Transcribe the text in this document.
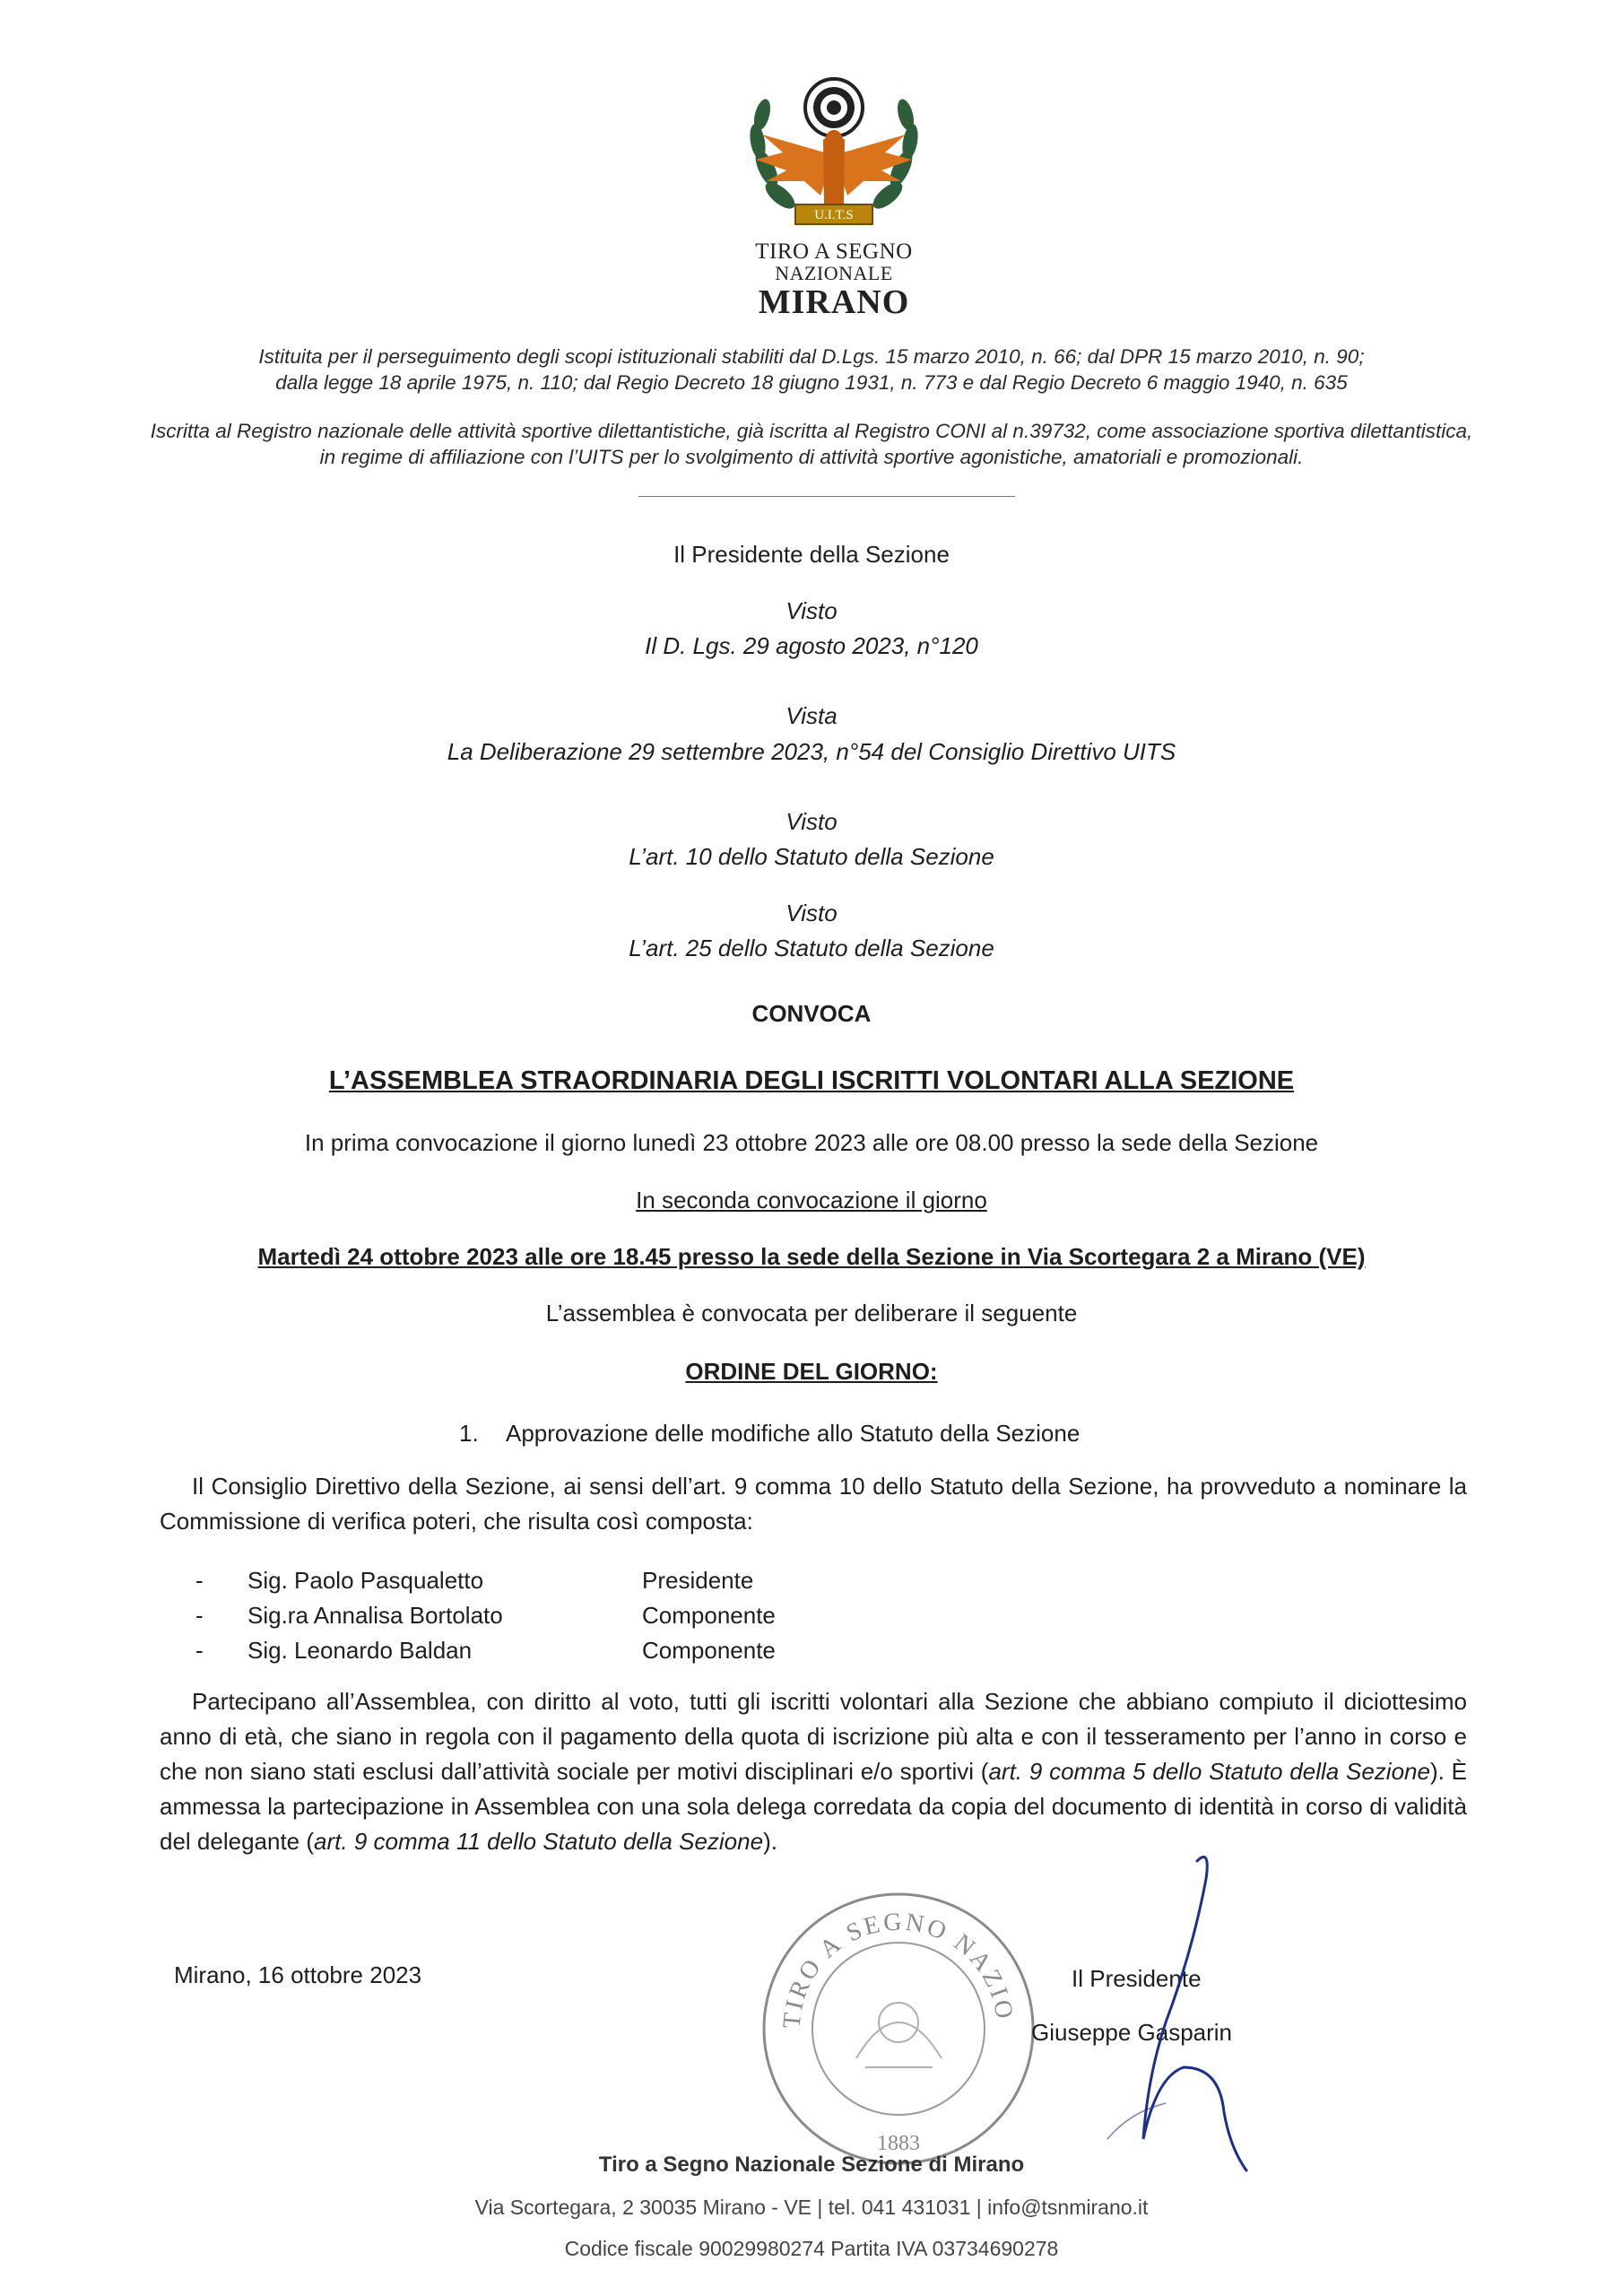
U.I.T.S
TIRO A SEGNO
NAZIONALE
MIRANO

Istituita per il perseguimento degli scopi istituzionali stabiliti dal D.Lgs. 15 marzo 2010, n. 66; dal DPR 15 marzo 2010, n. 90;

dalla legge 18 aprile 1975, n. 110; dal Regio Decreto 18 giugno 1931, n. 773 e dal Regio Decreto 6 maggio 1940, n. 635

Iscritta al Registro nazionale delle attività sportive dilettantistiche, già iscritta al Registro CONI al n.39732, come associazione sportiva dilettantistica,

in regime di affiliazione con l’UITS per lo svolgimento di attività sportive agonistiche, amatoriali e promozionali.

Il Presidente della Sezione
Visto
Il D. Lgs. 29 agosto 2023, n°120
Vista
La Deliberazione 29 settembre 2023, n°54 del Consiglio Direttivo UITS
Visto
L’art. 10 dello Statuto della Sezione
Visto
L’art. 25 dello Statuto della Sezione
CONVOCA
L’ASSEMBLEA STRAORDINARIA DEGLI ISCRITTI VOLONTARI ALLA SEZIONE
In prima convocazione il giorno lunedì 23 ottobre 2023 alle ore 08.00 presso la sede della Sezione
In seconda convocazione il giorno
Martedì 24 ottobre 2023 alle ore 18.45 presso la sede della Sezione in Via Scortegara 2 a Mirano (VE)
L’assemblea è convocata per deliberare il seguente
ORDINE DEL GIORNO:
1. Approvazione delle modifiche allo Statuto della Sezione

Il Consiglio Direttivo della Sezione, ai sensi dell’art. 9 comma 10 dello Statuto della Sezione, ha provveduto a nominare la Commissione di verifica poteri, che risulta così composta:

- Sig. Paolo Pasqualetto	Presidente
- Sig.ra Annalisa Bortolato	Componente
- Sig. Leonardo Baldan	Componente

Partecipano all’Assemblea, con diritto al voto, tutti gli iscritti volontari alla Sezione che abbiano compiuto il diciottesimo anno di età, che siano in regola con il pagamento della quota di iscrizione più alta e con il tesseramento per l’anno in corso e che non siano stati esclusi dall’attività sociale per motivi disciplinari e/o sportivi (art. 9 comma 5 dello Statuto della Sezione). È ammessa la partecipazione in Assemblea con una sola delega corredata da copia del documento di identità in corso di validità del delegante (art. 9 comma 11 dello Statuto della Sezione).

TIRO A SEGNO NAZIO
1883
Mirano, 16 ottobre 2023	Il Presidente
Giuseppe Gasparin
Tiro a Segno Nazionale Sezione di Mirano
Via Scortegara, 2 30035 Mirano - VE | tel. 041 431031 | info@tsnmirano.it
Codice fiscale 90029980274 Partita IVA 03734690278
